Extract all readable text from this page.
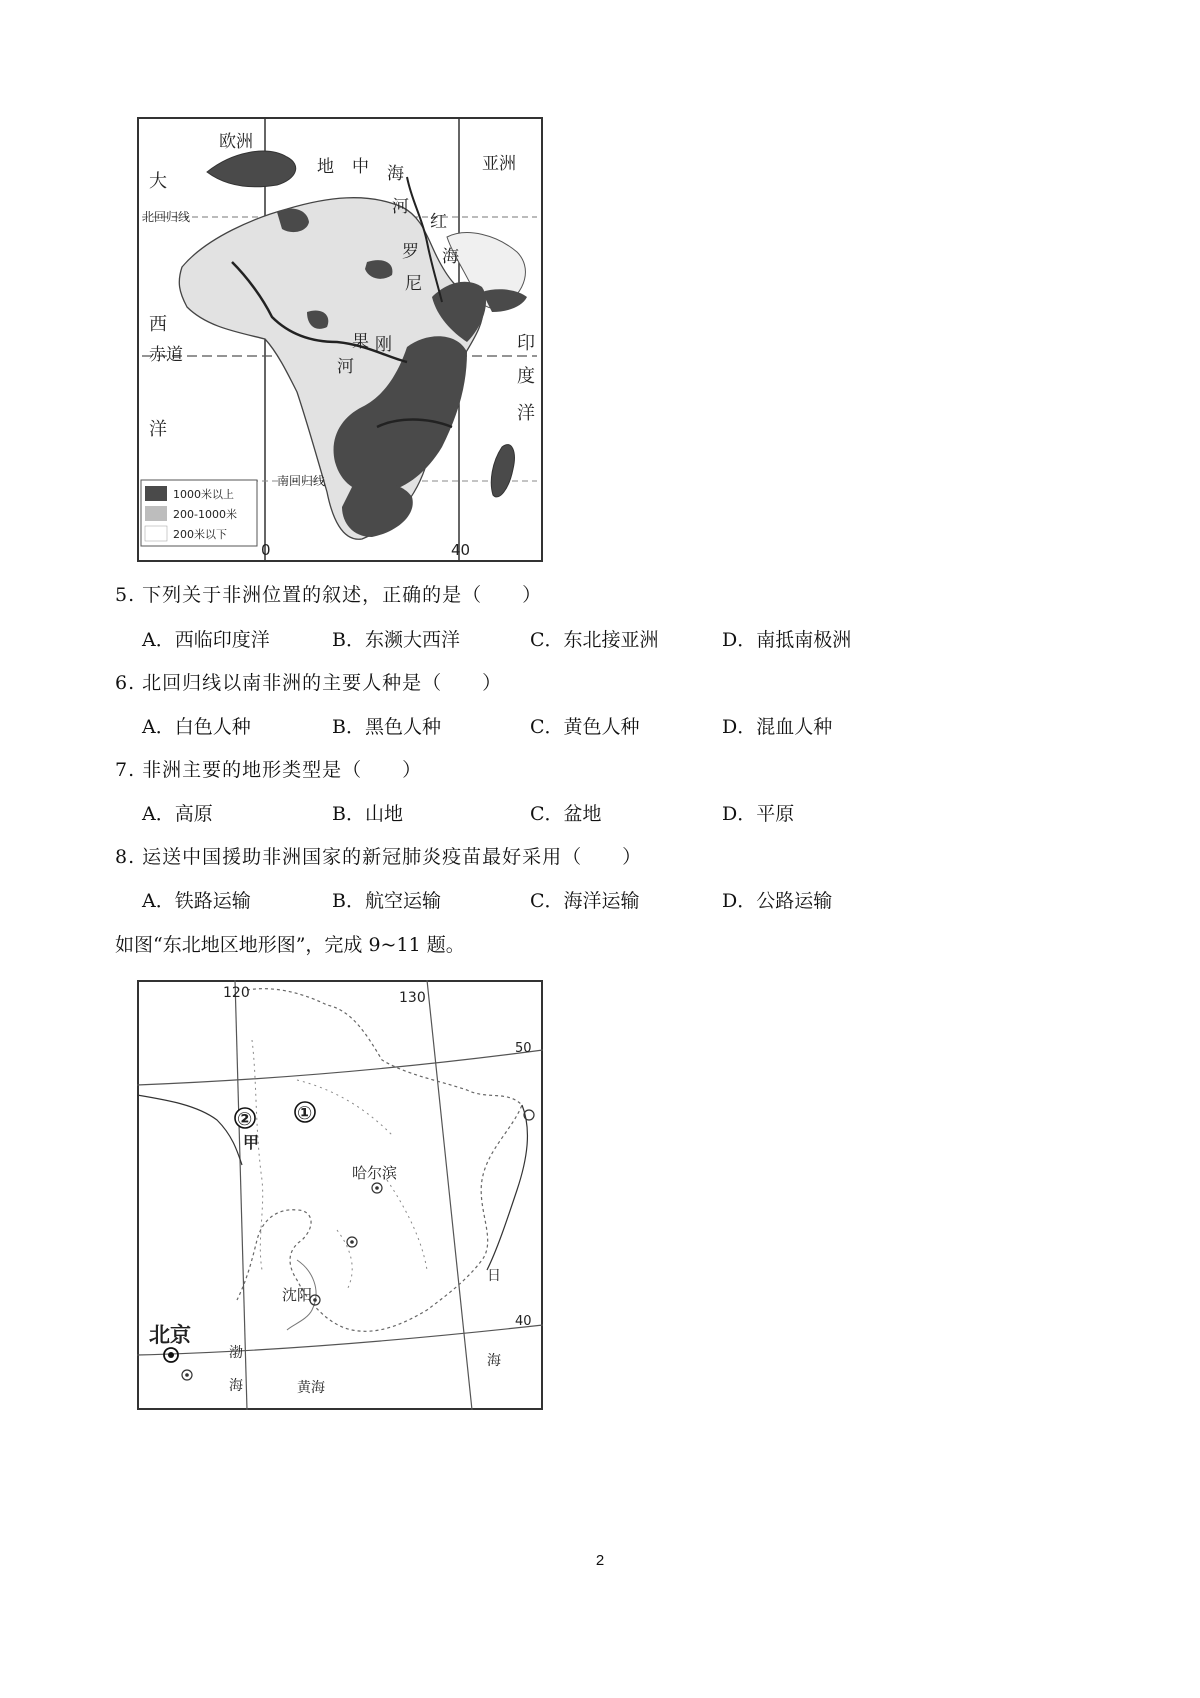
欧洲
亚洲
地 中 海
河
罗
尼
红
海
果 刚
河
大
西
洋
赤道
北回归线
南回归线
印
度
洋
0	40
1000米以上
200-1000米
200米以下
5. 下列关于非洲位置的叙述，正确的是（　　）
A．西临印度洋	B．东濒大西洋	C．东北接亚洲	D．南抵南极洲
6. 北回归线以南非洲的主要人种是（　　）
A．白色人种	B．黑色人种	C．黄色人种	D．混血人种
7. 非洲主要的地形类型是（　　）
A．高原	B．山地	C．盆地	D．平原
8. 运送中国援助非洲国家的新冠肺炎疫苗最好采用（　　）
A．铁路运输	B．航空运输	C．海洋运输	D．公路运输
如图“东北地区地形图”，完成 9~11 题。
120	130
50
40
② ①
甲
哈尔滨
沈阳
北京
渤
海	黄海
日
海
2
